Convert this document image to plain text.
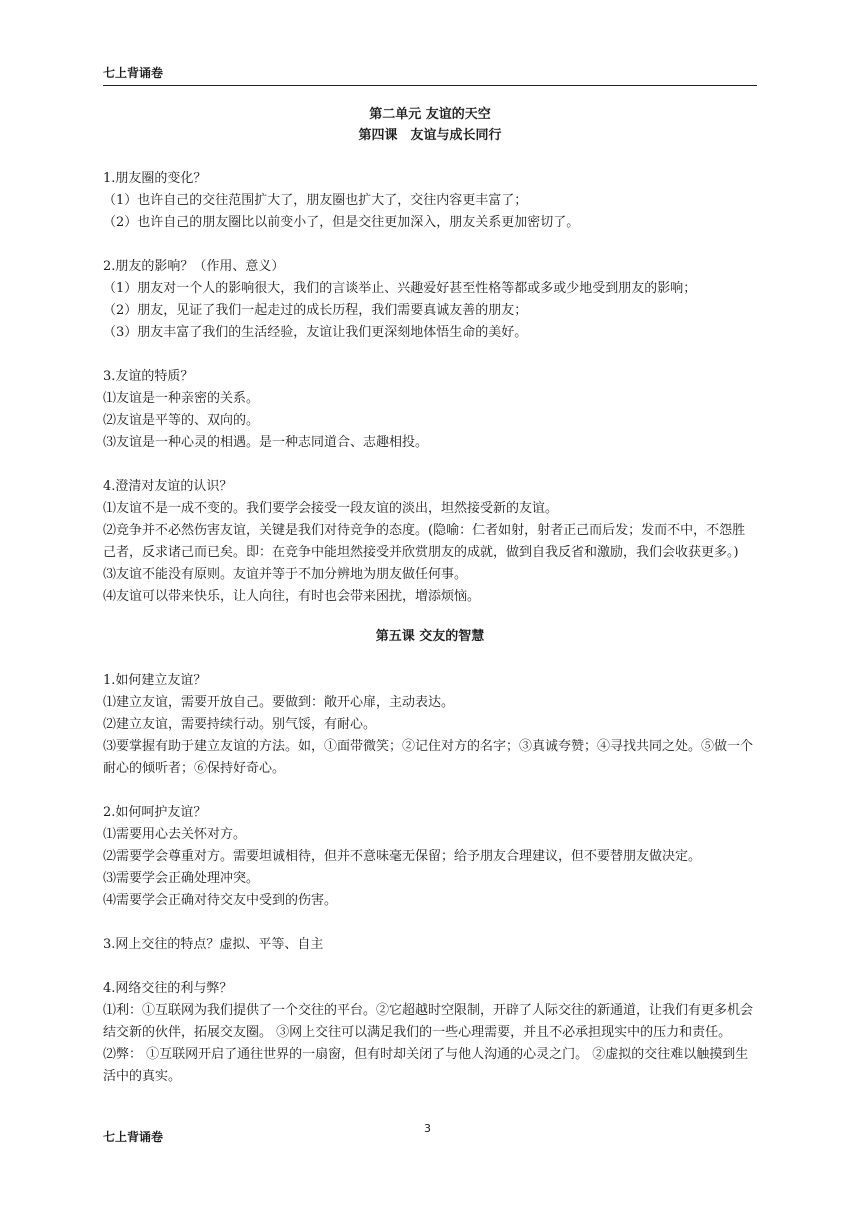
七上背诵卷
第二单元 友谊的天空
第四课　友谊与成长同行

1.朋友圈的变化？

（1）也许自己的交往范围扩大了，朋友圈也扩大了，交往内容更丰富了；

（2）也许自己的朋友圈比以前变小了，但是交往更加深入，朋友关系更加密切了。

2.朋友的影响？（作用、意义）

（1）朋友对一个人的影响很大，我们的言谈举止、兴趣爱好甚至性格等都或多或少地受到朋友的影响；

（2）朋友，见证了我们一起走过的成长历程，我们需要真诚友善的朋友；

（3）朋友丰富了我们的生活经验，友谊让我们更深刻地体悟生命的美好。

3.友谊的特质？

⑴友谊是一种亲密的关系。

⑵友谊是平等的、双向的。

⑶友谊是一种心灵的相遇。是一种志同道合、志趣相投。

4.澄清对友谊的认识？

⑴友谊不是一成不变的。我们要学会接受一段友谊的淡出，坦然接受新的友谊。

⑵竞争并不必然伤害友谊，关键是我们对待竞争的态度。(隐喻：仁者如射，射者正己而后发；发而不中，不怨胜己者，反求诸己而已矣。即：在竞争中能坦然接受并欣赏朋友的成就，做到自我反省和激励，我们会收获更多。)

⑶友谊不能没有原则。友谊并等于不加分辨地为朋友做任何事。

⑷友谊可以带来快乐，让人向往，有时也会带来困扰，增添烦恼。

第五课 交友的智慧

1.如何建立友谊？

⑴建立友谊，需要开放自己。要做到：敞开心扉，主动表达。

⑵建立友谊，需要持续行动。别气馁，有耐心。

⑶要掌握有助于建立友谊的方法。如，①面带微笑；②记住对方的名字；③真诚夸赞；④寻找共同之处。⑤做一个耐心的倾听者；⑥保持好奇心。

2.如何呵护友谊？

⑴需要用心去关怀对方。

⑵需要学会尊重对方。需要坦诚相待，但并不意味毫无保留；给予朋友合理建议，但不要替朋友做决定。

⑶需要学会正确处理冲突。

⑷需要学会正确对待交友中受到的伤害。

3.网上交往的特点？虚拟、平等、自主

4.网络交往的利与弊？

⑴利：①互联网为我们提供了一个交往的平台。②它超越时空限制，开辟了人际交往的新通道，让我们有更多机会结交新的伙伴，拓展交友圈。 ③网上交往可以满足我们的一些心理需要，并且不必承担现实中的压力和责任。

⑵弊： ①互联网开启了通往世界的一扇窗，但有时却关闭了与他人沟通的心灵之门。 ②虚拟的交往难以触摸到生活中的真实。

七上背诵卷
3
